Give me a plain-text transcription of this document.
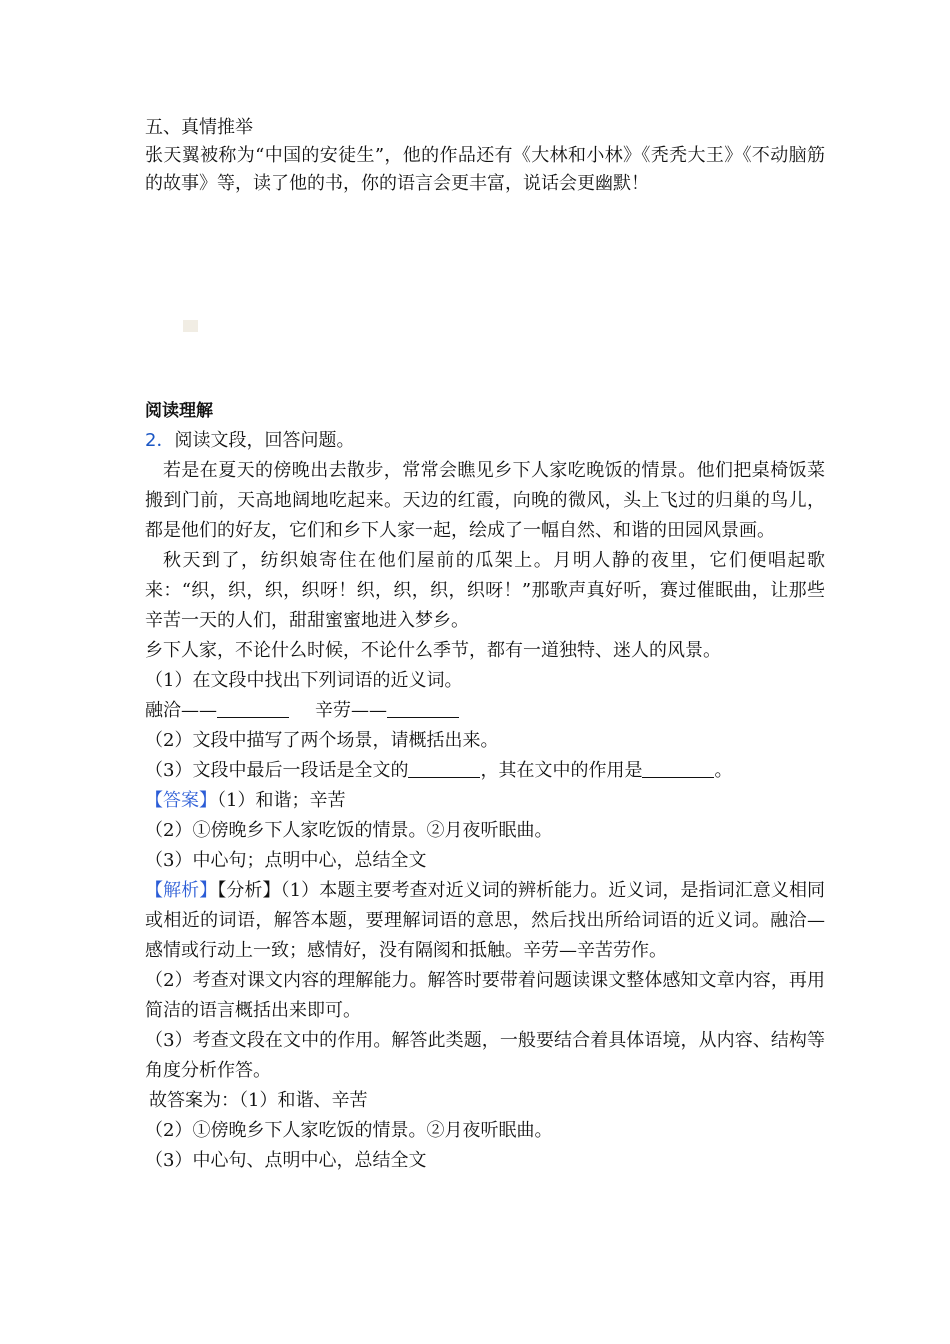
五、真情推举

张天翼被称为“中国的安徒生”，他的作品还有《大林和小林》《秃秃大王》《不动脑筋的故事》等，读了他的书，你的语言会更丰富，说话会更幽默！

阅读理解

2．阅读文段，回答问题。

若是在夏天的傍晚出去散步，常常会瞧见乡下人家吃晚饭的情景。他们把桌椅饭菜搬到门前，天高地阔地吃起来。天边的红霞，向晚的微风，头上飞过的归巢的鸟儿，都是他们的好友，它们和乡下人家一起，绘成了一幅自然、和谐的田园风景画。

秋天到了，纺织娘寄住在他们屋前的瓜架上。月明人静的夜里，它们便唱起歌来：“织，织，织，织呀！织，织，织，织呀！”那歌声真好听，赛过催眠曲，让那些辛苦一天的人们，甜甜蜜蜜地进入梦乡。

乡下人家，不论什么时候，不论什么季节，都有一道独特、迷人的风景。

（1）在文段中找出下列词语的近义词。

融洽——	辛劳——

（2）文段中描写了两个场景，请概括出来。

（3）文段中最后一段话是全文的	，其在文中的作用是	。

【答案】（1）和谐；辛苦

（2）①傍晚乡下人家吃饭的情景。②月夜听眠曲。

（3）中心句；点明中心，总结全文

【解析】【分析】（1）本题主要考查对近义词的辨析能力。近义词，是指词汇意义相同或相近的词语，解答本题，要理解词语的意思，然后找出所给词语的近义词。融洽—感情或行动上一致；感情好，没有隔阂和抵触。辛劳—辛苦劳作。

（2）考查对课文内容的理解能力。解答时要带着问题读课文整体感知文章内容，再用简洁的语言概括出来即可。

（3）考查文段在文中的作用。解答此类题，一般要结合着具体语境，从内容、结构等角度分析作答。

故答案为：（1）和谐、辛苦

（2）①傍晚乡下人家吃饭的情景。②月夜听眠曲。

（3）中心句、点明中心，总结全文
